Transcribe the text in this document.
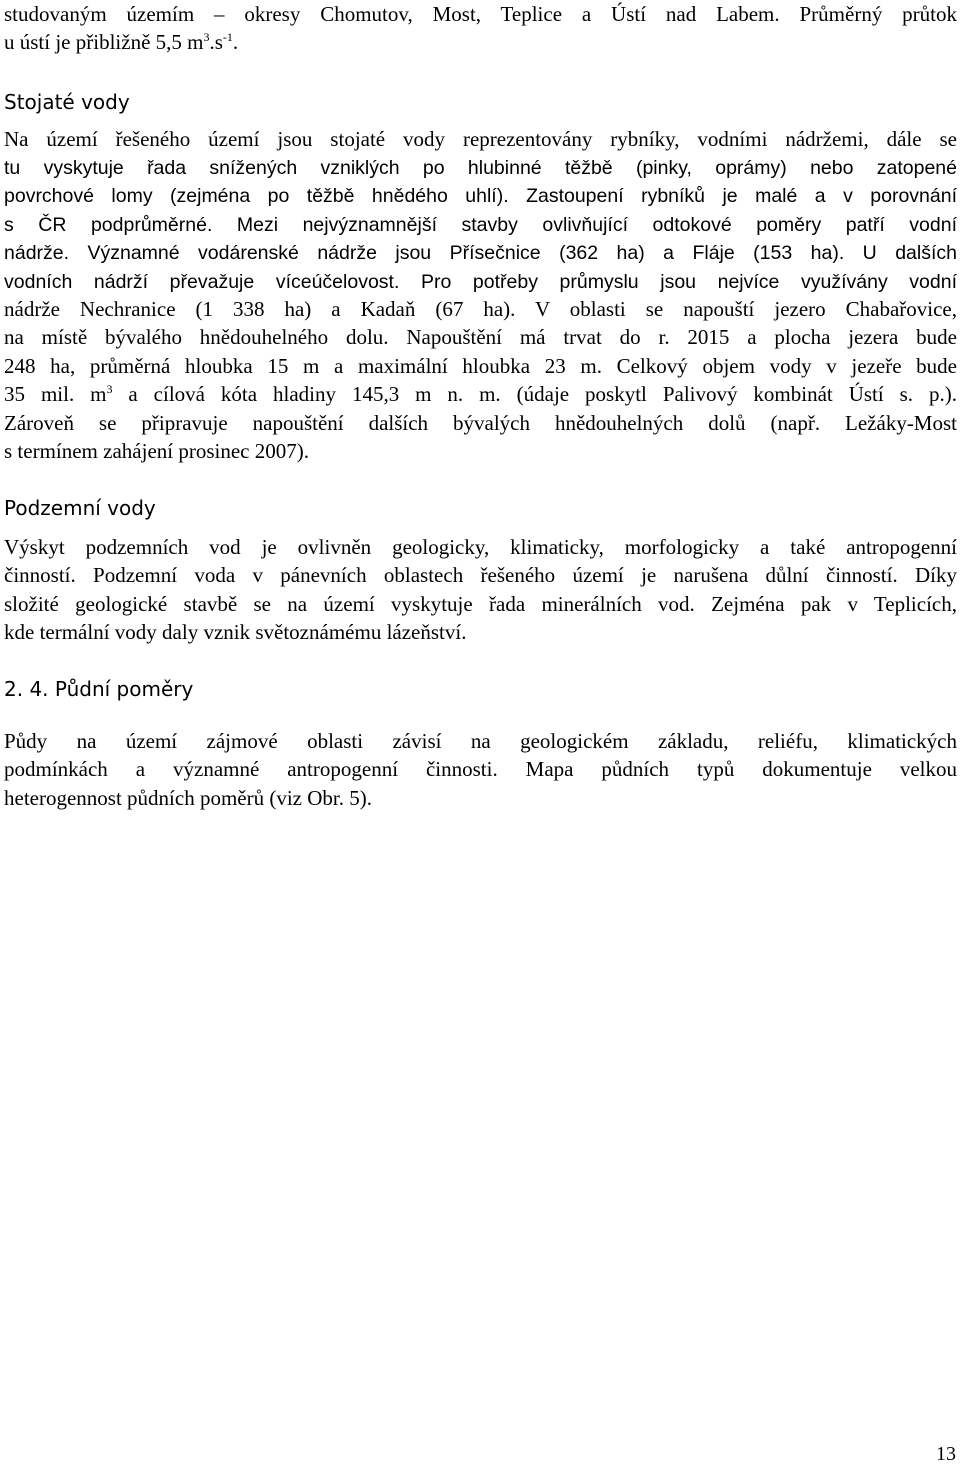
studovaným územím – okresy Chomutov, Most, Teplice a Ústí nad Labem. Průměrný průtok
u ústí je přibližně 5,5 $m^3.s^{-1}$.

Stojaté vody

Na území řešeného území jsou stojaté vody reprezentovány rybníky, vodními nádržemi, dále se

tu vyskytuje řada snížených vzniklých po hlubinné těžbě (pinky, oprámy) nebo zatopené
povrchové lomy (zejména po těžbě hnědého uhlí). Zastoupení rybníků je malé a v porovnání
s ČR podprůměrné. Mezi nejvýznamnější stavby ovlivňující odtokové poměry patří vodní
nádrže. Významné vodárenské nádrže jsou Přísečnice (362 ha) a Fláje (153 ha). U dalších
vodních nádrží převažuje víceúčelovost. Pro potřeby průmyslu jsou nejvíce využívány vodní

nádrže Nechranice (1 338 ha) a Kadaň (67 ha). V oblasti se napouští jezero Chabařovice,
na místě bývalého hnědouhelného dolu. Napouštění má trvat do r. 2015 a plocha jezera bude
248 ha, průměrná hloubka 15 m a maximální hloubka 23 m. Celkový objem vody v jezeře bude
35 mil. $m^3$ a cílová kóta hladiny 145,3 m n. m. (údaje poskytl Palivový kombinát Ústí s. p.).
Zároveň se připravuje napouštění dalších bývalých hnědouhelných dolů (např. Ležáky-Most
s termínem zahájení prosinec 2007).

Podzemní vody

Výskyt podzemních vod je ovlivněn geologicky, klimaticky, morfologicky a také antropogenní
činností. Podzemní voda v pánevních oblastech řešeného území je narušena důlní činností. Díky
složité geologické stavbě se na území vyskytuje řada minerálních vod. Zejména pak v Teplicích,
kde termální vody daly vznik světoznámému lázeňství.

2. 4. Půdní poměry

Půdy na území zájmové oblasti závisí na geologickém základu, reliéfu, klimatických
podmínkách a významné antropogenní činnosti. Mapa půdních typů dokumentuje velkou
heterogennost půdních poměrů (viz Obr. 5).

13
